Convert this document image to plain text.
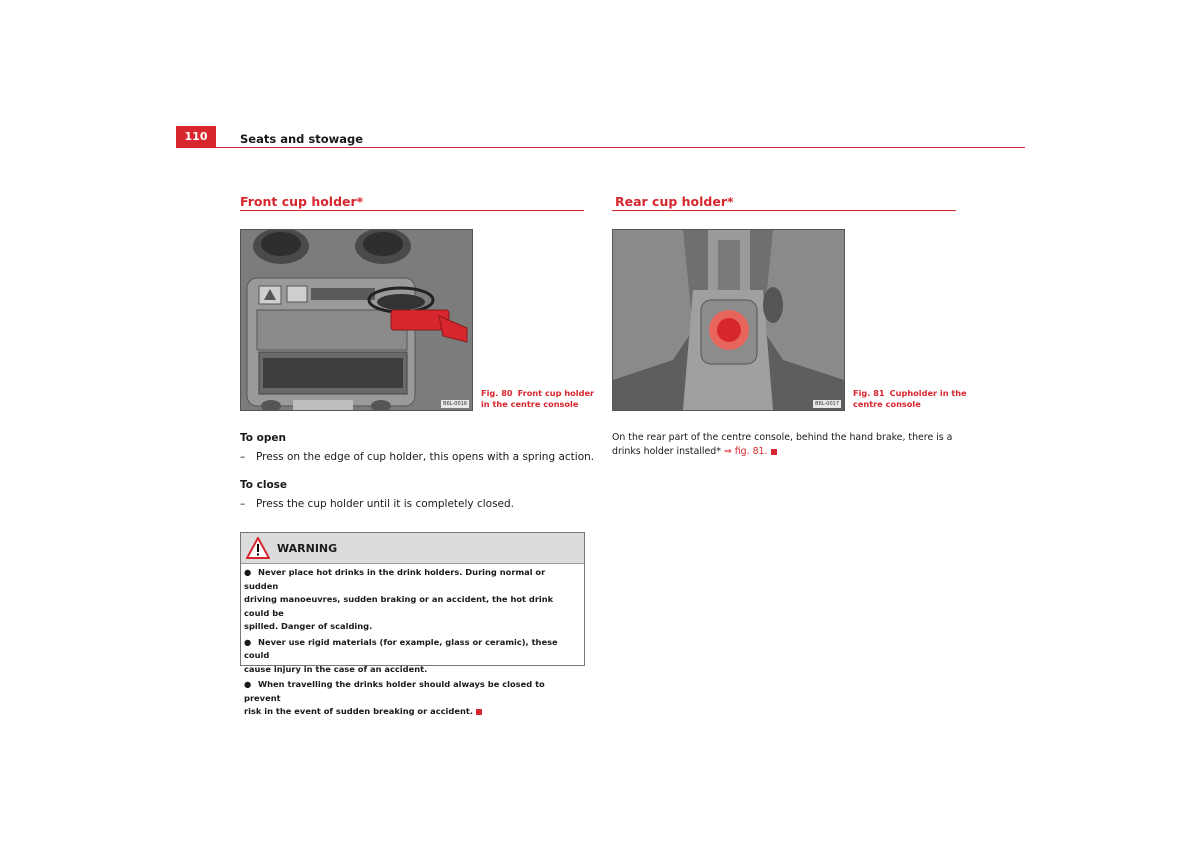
110	Seats and stowage
Front cup holder*
B6L-0016
Fig. 80 Front cup holder
in the centre console
To open
– Press on the edge of cup holder, this opens with a spring action.
To close
– Press the cup holder until it is completely closed.
WARNING
● Never place hot drinks in the drink holders. During normal or sudden
driving manoeuvres, sudden braking or an accident, the hot drink could be
spilled. Danger of scalding.
● Never use rigid materials (for example, glass or ceramic), these could
cause injury in the case of an accident.
● When travelling the drinks holder should always be closed to prevent
risk in the event of sudden breaking or accident.
Rear cup holder*
B6L-0017
Fig. 81 Cupholder in the
centre console
On the rear part of the centre console, behind the hand brake, there is a
drinks holder installed* ⇒ fig. 81.
